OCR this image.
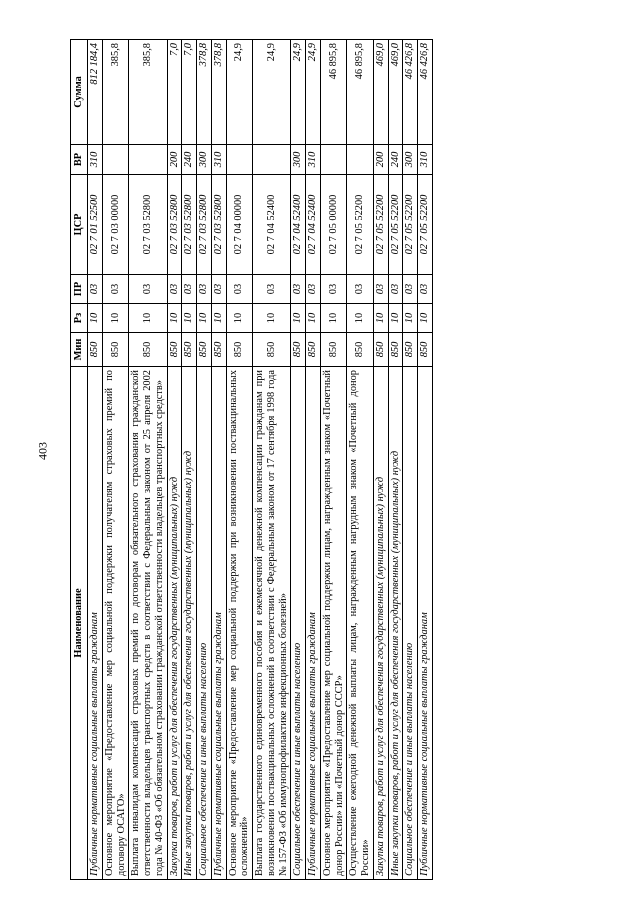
403
Наименование	Мин	Рз	ПР	ЦСР	ВР	Сумма
Публичные нормативные социальные выплаты гражданам	850	10	03	02 7 01 52500	310	812 184,4
Основное мероприятие «Предоставление мер социальной поддержки получателям страховых премий по договору ОСАГО»	850	10	03	02 7 03 00000		385,8
Выплата инвалидам компенсаций страховых премий по договорам обязательного страхования гражданской ответственности владельцев транспортных средств в соответствии с Федеральным законом от 25 апреля 2002 года № 40-ФЗ «Об обязательном страховании гражданской ответственности владельцев транспортных средств»	850	10	03	02 7 03 52800		385,8
Закупка товаров, работ и услуг для обеспечения государственных (муниципальных) нужд	850	10	03	02 7 03 52800	200	7,0
Иные закупки товаров, работ и услуг для обеспечения государственных (муниципальных) нужд	850	10	03	02 7 03 52800	240	7,0
Социальное обеспечение и иные выплаты населению	850	10	03	02 7 03 52800	300	378,8
Публичные нормативные социальные выплаты гражданам	850	10	03	02 7 03 52800	310	378,8
Основное мероприятие «Предоставление мер социальной поддержки при возникновении поствакцинальных осложнений»	850	10	03	02 7 04 00000		24,9
Выплата государственного единовременного пособия и ежемесячной денежной компенсации гражданам при возникновении поствакцинальных осложнений в соответствии с Федеральным законом от 17 сентября 1998 года № 157-ФЗ «Об иммунопрофилактике инфекционных болезней»	850	10	03	02 7 04 52400		24,9
Социальное обеспечение и иные выплаты населению	850	10	03	02 7 04 52400	300	24,9
Публичные нормативные социальные выплаты гражданам	850	10	03	02 7 04 52400	310	24,9
Основное мероприятие «Предоставление мер социальной поддержки лицам, награжденным знаком «Почетный донор России» или «Почетный донор СССР»	850	10	03	02 7 05 00000		46 895,8
Осуществление ежегодной денежной выплаты лицам, награжденным нагрудным знаком «Почетный донор России»	850	10	03	02 7 05 52200		46 895,8
Закупка товаров, работ и услуг для обеспечения государственных (муниципальных) нужд	850	10	03	02 7 05 52200	200	469,0
Иные закупки товаров, работ и услуг для обеспечения государственных (муниципальных) нужд	850	10	03	02 7 05 52200	240	469,0
Социальное обеспечение и иные выплаты населению	850	10	03	02 7 05 52200	300	46 426,8
Публичные нормативные социальные выплаты гражданам	850	10	03	02 7 05 52200	310	46 426,8
